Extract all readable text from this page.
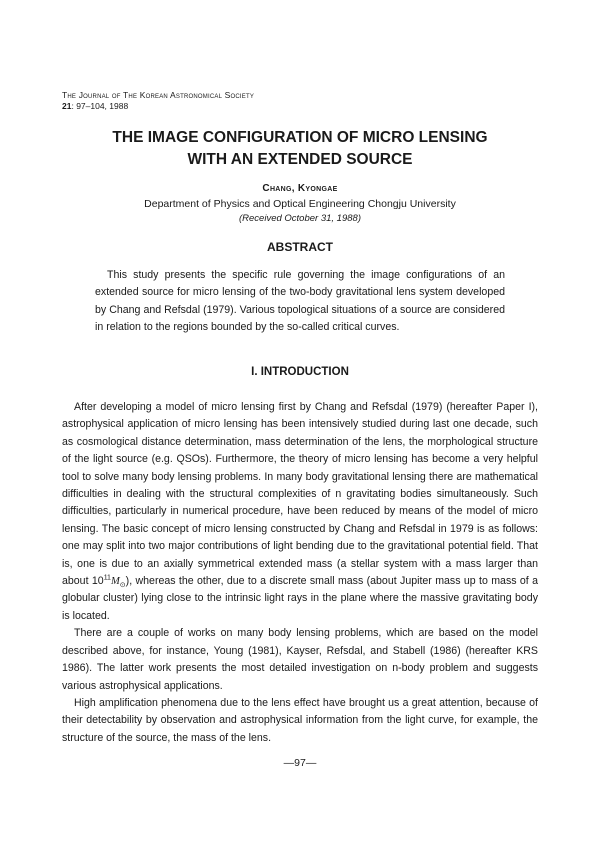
The Journal of The Korean Astronomical Society
21: 97–104, 1988
THE IMAGE CONFIGURATION OF MICRO LENSING
WITH AN EXTENDED SOURCE
Chang, Kyongae
Department of Physics and Optical Engineering Chongju University
(Received October 31, 1988)
ABSTRACT
This study presents the specific rule governing the image configurations of an extended source for micro lensing of the two-body gravitational lens system developed by Chang and Refsdal (1979). Various topological situations of a source are considered in relation to the regions bounded by the so-called critical curves.
I. INTRODUCTION

After developing a model of micro lensing first by Chang and Refsdal (1979) (hereafter Paper I), astrophysical application of micro lensing has been intensively studied during last one decade, such as cosmological distance determination, mass determination of the lens, the morphological structure of the light source (e.g. QSOs). Furthermore, the theory of micro lensing has become a very helpful tool to solve many body lensing problems. In many body gravitational lensing there are mathematical difficulties in dealing with the structural complexities of n gravitating bodies simultaneously. Such difficulties, particularly in numerical procedure, have been reduced by means of the model of micro lensing. The basic concept of micro lensing constructed by Chang and Refsdal in 1979 is as follows: one may split into two major contributions of light bending due to the gravitational potential field. That is, one is due to an axially symmetrical extended mass (a stellar system with a mass larger than about $10^{11}M_⊙$), whereas the other, due to a discrete small mass (about Jupiter mass up to mass of a globular cluster) lying close to the intrinsic light rays in the plane where the massive gravitating body is located.

There are a couple of works on many body lensing problems, which are based on the model described above, for instance, Young (1981), Kayser, Refsdal, and Stabell (1986) (hereafter KRS 1986). The latter work presents the most detailed investigation on n-body problem and suggests various astrophysical applications.

High amplification phenomena due to the lens effect have brought us a great attention, because of their detectability by observation and astrophysical information from the light curve, for example, the structure of the source, the mass of the lens.

— 97—
